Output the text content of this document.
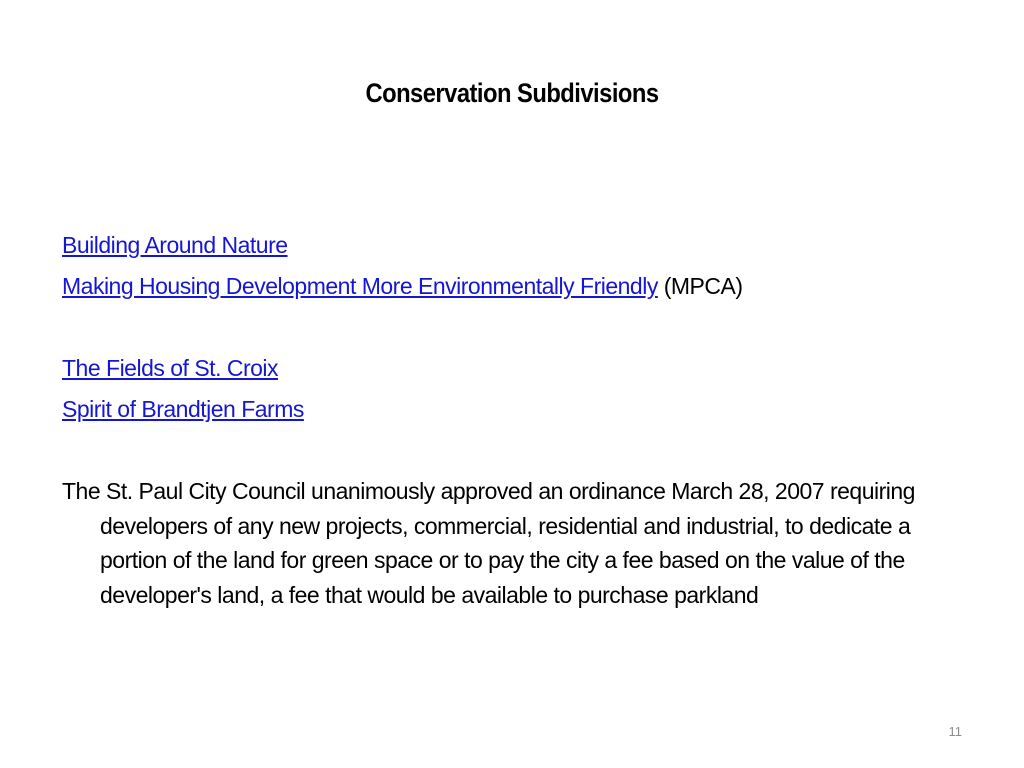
Conservation Subdivisions
Building Around Nature
Making Housing Development More Environmentally Friendly (MPCA)
The Fields of St. Croix
Spirit of Brandtjen Farms
The St. Paul City Council unanimously approved an ordinance March 28, 2007 requiring developers of any new projects, commercial, residential and industrial, to dedicate a portion of the land for green space or to pay the city a fee based on the value of the developer's land, a fee that would be available to purchase parkland
11
